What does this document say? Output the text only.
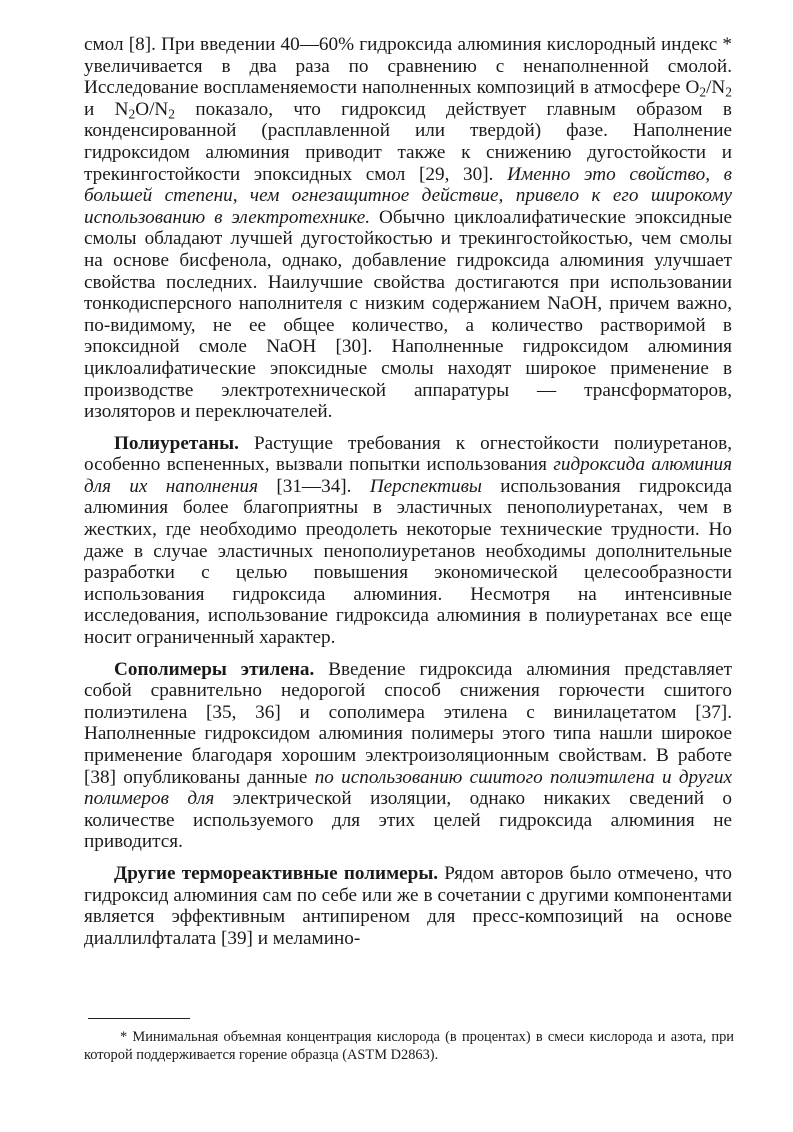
смол [8]. При введении 40—60% гидроксида алюминия кислородный индекс * увеличивается в два раза по сравнению с ненаполненной смолой. Исследование воспламеняемости наполненных композиций в атмосфере $O_2/N_2$ и $N_2O/N_2$ показало, что гидроксид действует главным образом в конденсированной (расплавленной или твердой) фазе. Наполнение гидроксидом алюминия приводит также к снижению дугостойкости и трекингостойкости эпоксидных смол [29, 30]. Именно это свойство, в большей степени, чем огнезащитное действие, привело к его широкому использованию в электротехнике. Обычно циклоалифатические эпоксидные смолы обладают лучшей дугостойкостью и трекингостойкостью, чем смолы на основе бисфенола, однако, добавление гидроксида алюминия улучшает свойства последних. Наилучшие свойства достигаются при использовании тонкодисперсного наполнителя с низким содержанием NaOH, причем важно, по-видимому, не ее общее количество, а количество растворимой в эпоксидной смоле NaOH [30]. Наполненные гидроксидом алюминия циклоалифатические эпоксидные смолы находят широкое применение в производстве электротехнической аппаратуры — трансформаторов, изоляторов и переключателей.

Полиуретаны. Растущие требования к огнестойкости полиуретанов, особенно вспененных, вызвали попытки использования гидроксида алюминия для их наполнения [31—34]. Перспективы использования гидроксида алюминия более благоприятны в эластичных пенополиуретанах, чем в жестких, где необходимо преодолеть некоторые технические трудности. Но даже в случае эластичных пенополиуретанов необходимы дополнительные разработки с целью повышения экономической целесообразности использования гидроксида алюминия. Несмотря на интенсивные исследования, использование гидроксида алюминия в полиуретанах все еще носит ограниченный характер.

Сополимеры этилена. Введение гидроксида алюминия представляет собой сравнительно недорогой способ снижения горючести сшитого полиэтилена [35, 36] и сополимера этилена с винилацетатом [37]. Наполненные гидроксидом алюминия полимеры этого типа нашли широкое применение благодаря хорошим электроизоляционным свойствам. В работе [38] опубликованы данные по использованию сшитого полиэтилена и других полимеров для электрической изоляции, однако никаких сведений о количестве используемого для этих целей гидроксида алюминия не приводится.

Другие термореактивные полимеры. Рядом авторов было отмечено, что гидроксид алюминия сам по себе или же в сочетании с другими компонентами является эффективным антипиреном для пресс-композиций на основе диаллилфталата [39] и меламино-

* Минимальная объемная концентрация кислорода (в процентах) в смеси кислорода и азота, при которой поддерживается горение образца (ASTM D2863).
